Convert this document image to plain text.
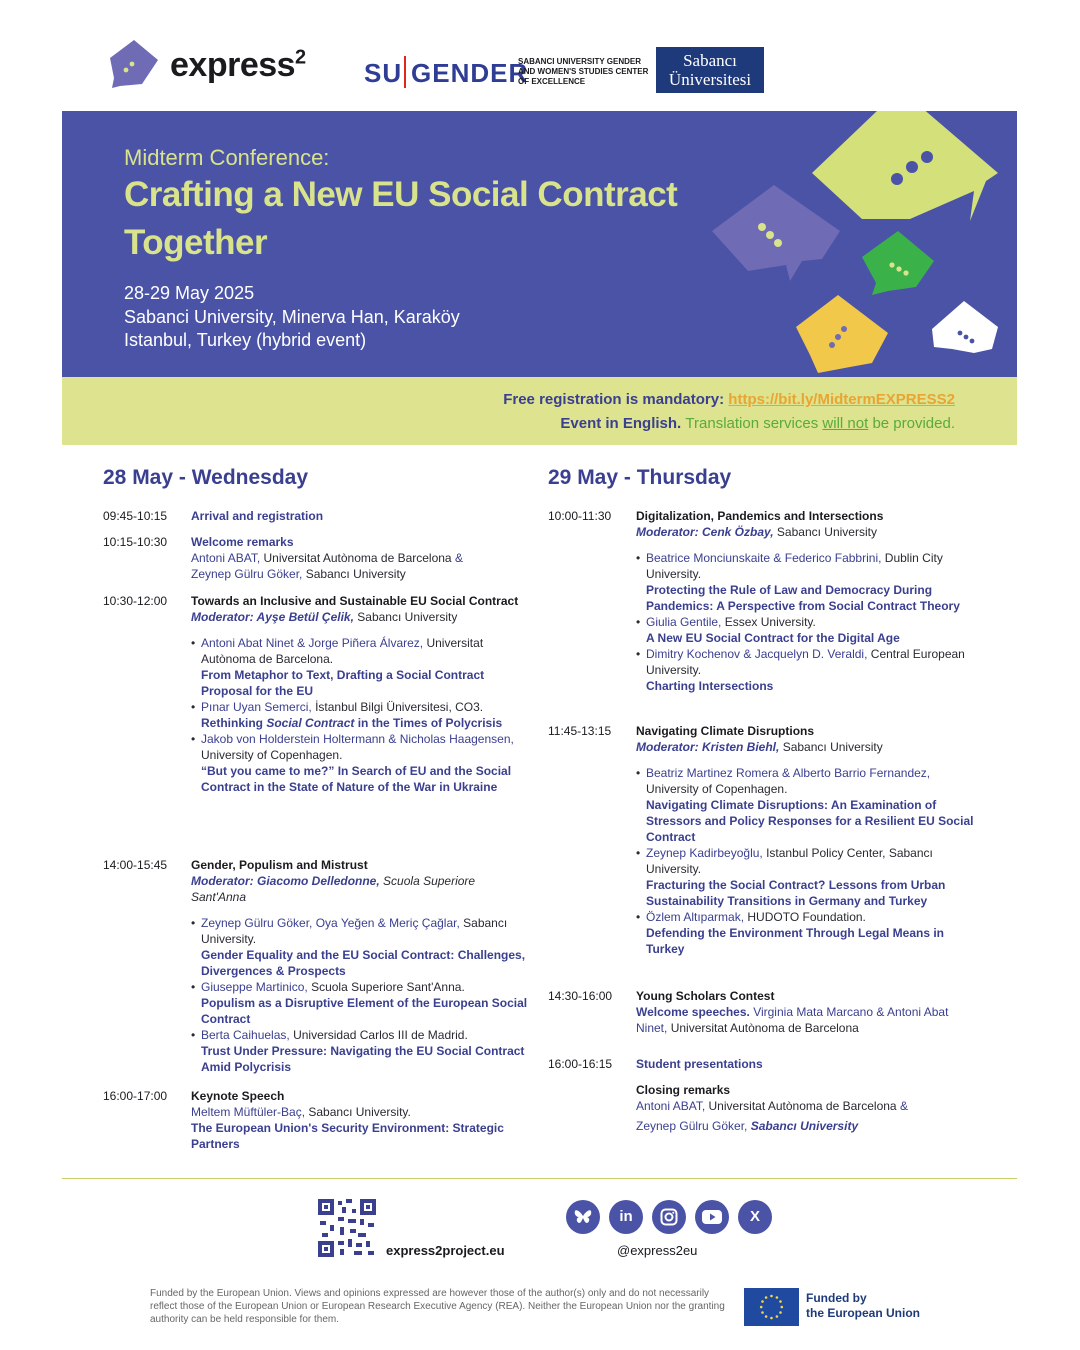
express$^2$
SU GENDER
SABANCI UNIVERSITY GENDER AND WOMEN'S STUDIES CENTER OF EXCELLENCE
Sabancı
Üniversitesi
Midterm Conference:
Crafting a New EU Social Contract Together
28-29 May 2025
Sabanci University, Minerva Han, Karaköy
Istanbul, Turkey (hybrid event)
Free registration is mandatory: https://bit.ly/MidtermEXPRESS2
Event in English. Translation services will not be provided.
28 May - Wednesday
09:45-10:15 Arrival and registration
10:15-10:30 Welcome remarks
Antoni ABAT, Universitat Autònoma de Barcelona &
Zeynep Gülru Göker, Sabancı University
10:30-12:00 Towards an Inclusive and Sustainable EU Social Contract
Moderator: Ayşe Betül Çelik, Sabancı University
• Antoni Abat Ninet & Jorge Piñera Álvarez, Universitat Autònoma de Barcelona.
From Metaphor to Text, Drafting a Social Contract Proposal for the EU
• Pınar Uyan Semerci, İstanbul Bilgi Üniversitesi, CO3.
Rethinking Social Contract in the Times of Polycrisis
• Jakob von Holderstein Holtermann & Nicholas Haagensen, University of Copenhagen.
“But you came to me?” In Search of EU and the Social Contract in the State of Nature of the War in Ukraine
14:00-15:45 Gender, Populism and Mistrust
Moderator: Giacomo Delledonne, Scuola Superiore Sant'Anna
• Zeynep Gülru Göker, Oya Yeğen & Meriç Çağlar, Sabancı University.
Gender Equality and the EU Social Contract: Challenges, Divergences & Prospects
• Giuseppe Martinico, Scuola Superiore Sant'Anna.
Populism as a Disruptive Element of the European Social Contract
• Berta Caihuelas, Universidad Carlos III de Madrid.
Trust Under Pressure: Navigating the EU Social Contract Amid Polycrisis
16:00-17:00 Keynote Speech
Meltem Müftüler-Baç, Sabancı University.
The European Union's Security Environment: Strategic Partners
29 May - Thursday
10:00-11:30 Digitalization, Pandemics and Intersections
Moderator: Cenk Özbay, Sabancı University
• Beatrice Monciunskaite & Federico Fabbrini, Dublin City University.
Protecting the Rule of Law and Democracy During Pandemics: A Perspective from Social Contract Theory
• Giulia Gentile, Essex University.
A New EU Social Contract for the Digital Age
• Dimitry Kochenov & Jacquelyn D. Veraldi, Central European University.
Charting Intersections
11:45-13:15 Navigating Climate Disruptions
Moderator: Kristen Biehl, Sabancı University
• Beatriz Martinez Romera & Alberto Barrio Fernandez, University of Copenhagen.
Navigating Climate Disruptions: An Examination of Stressors and Policy Responses for a Resilient EU Social Contract
• Zeynep Kadirbeyoğlu, Istanbul Policy Center, Sabancı University.
Fracturing the Social Contract? Lessons from Urban Sustainability Transitions in Germany and Turkey
• Özlem Altıparmak, HUDOTO Foundation.
Defending the Environment Through Legal Means in Turkey
14:30-16:00 Young Scholars Contest
Welcome speeches. Virginia Mata Marcano & Antoni Abat Ninet, Universitat Autònoma de Barcelona
16:00-16:15 Student presentations
Closing remarks
Antoni ABAT, Universitat Autònoma de Barcelona &
Zeynep Gülru Göker, Sabancı University
express2project.eu
in	X
@express2eu
Funded by the European Union. Views and opinions expressed are however those of the author(s) only and do not necessarily reflect those of the European Union or European Research Executive Agency (REA). Neither the European Union nor the granting authority can be held responsible for them.
Funded by
the European Union
